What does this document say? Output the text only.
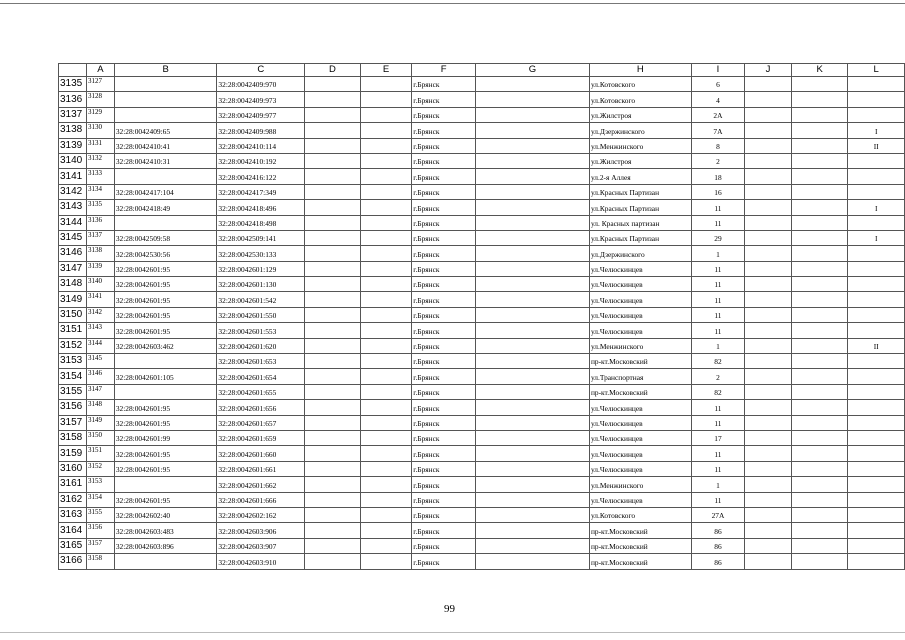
	A	B	C	D	E	F	G	H	I	J	K	L
3135	3127		32:28:0042409:970			г.Брянск		ул.Котовского	6			
3136	3128		32:28:0042409:973			г.Брянск		ул.Котовского	4			
3137	3129		32:28:0042409:977			г.Брянск		ул.Жилстроя	2А			
3138	3130	32:28:0042409:65	32:28:0042409:988			г.Брянск		ул.Дзержинского	7А			I
3139	3131	32:28:0042410:41	32:28:0042410:114			г.Брянск		ул.Менжинского	8			II
3140	3132	32:28:0042410:31	32:28:0042410:192			г.Брянск		ул.Жилстроя	2			
3141	3133		32:28:0042416:122			г.Брянск		ул.2-я Аллея	18			
3142	3134	32:28:0042417:104	32:28:0042417:349			г.Брянск		ул.Красных Партизан	16			
3143	3135	32:28:0042418:49	32:28:0042418:496			г.Брянск		ул.Красных Партизан	11			I
3144	3136		32:28:0042418:498			г.Брянск		ул. Красных партизан	11			
3145	3137	32:28:0042509:58	32:28:0042509:141			г.Брянск		ул.Красных Партизан	29			I
3146	3138	32:28:0042530:56	32:28:0042530:133			г.Брянск		ул.Дзержинского	1			
3147	3139	32:28:0042601:95	32:28:0042601:129			г.Брянск		ул.Челюскинцев	11			
3148	3140	32:28:0042601:95	32:28:0042601:130			г.Брянск		ул.Челюскинцев	11			
3149	3141	32:28:0042601:95	32:28:0042601:542			г.Брянск		ул.Челюскинцев	11			
3150	3142	32:28:0042601:95	32:28:0042601:550			г.Брянск		ул.Челюскинцев	11			
3151	3143	32:28:0042601:95	32:28:0042601:553			г.Брянск		ул.Челюскинцев	11			
3152	3144	32:28:0042603:462	32:28:0042601:620			г.Брянск		ул.Менжинского	1			II
3153	3145		32:28:0042601:653			г.Брянск		пр-кт.Московский	82			
3154	3146	32:28:0042601:105	32:28:0042601:654			г.Брянск		ул.Транспортная	2			
3155	3147		32:28:0042601:655			г.Брянск		пр-кт.Московский	82			
3156	3148	32:28:0042601:95	32:28:0042601:656			г.Брянск		ул.Челюскинцев	11			
3157	3149	32:28:0042601:95	32:28:0042601:657			г.Брянск		ул.Челюскинцев	11			
3158	3150	32:28:0042601:99	32:28:0042601:659			г.Брянск		ул.Челюскинцев	17			
3159	3151	32:28:0042601:95	32:28:0042601:660			г.Брянск		ул.Челюскинцев	11			
3160	3152	32:28:0042601:95	32:28:0042601:661			г.Брянск		ул.Челюскинцев	11			
3161	3153		32:28:0042601:662			г.Брянск		ул.Менжинского	1			
3162	3154	32:28:0042601:95	32:28:0042601:666			г.Брянск		ул.Челюскинцев	11			
3163	3155	32:28:0042602:40	32:28:0042602:162			г.Брянск		ул.Котовского	27А			
3164	3156	32:28:0042603:483	32:28:0042603:906			г.Брянск		пр-кт.Московский	86			
3165	3157	32:28:0042603:896	32:28:0042603:907			г.Брянск		пр-кт.Московский	86			
3166	3158		32:28:0042603:910			г.Брянск		пр-кт.Московский	86			
99
